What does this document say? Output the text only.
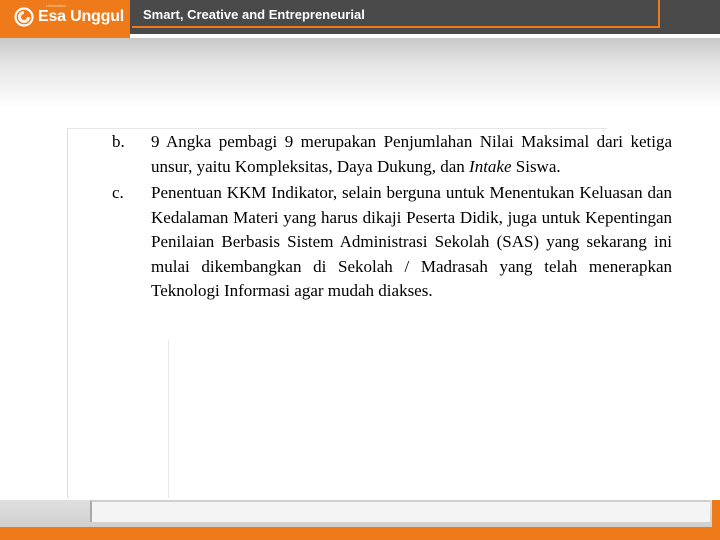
Universitas
Esa Unggul Smart, Creative and Entrepreneurial
b. 9 Angka pembagi 9 merupakan Penjumlahan Nilai Maksimal dari ketiga unsur, yaitu Kompleksitas, Daya Dukung, dan Intake Siswa.
c. Penentuan KKM Indikator, selain berguna untuk Menentukan Keluasan dan Kedalaman Materi yang harus dikaji Peserta Didik, juga untuk Kepentingan Penilaian Berbasis Sistem Administrasi Sekolah (SAS) yang sekarang ini mulai dikembangkan di Sekolah / Madrasah yang telah menerapkan Teknologi Informasi agar mudah diakses.
